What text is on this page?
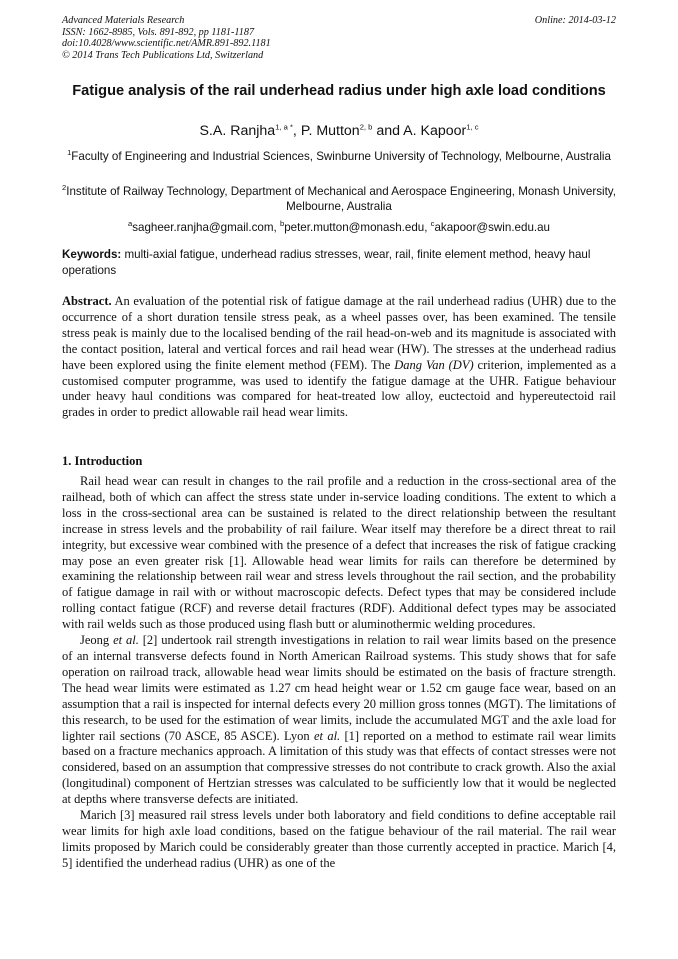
Advanced Materials Research
ISSN: 1662-8985, Vols. 891-892, pp 1181-1187
doi:10.4028/www.scientific.net/AMR.891-892.1181
© 2014 Trans Tech Publications Ltd, Switzerland
Online: 2014-03-12
Fatigue analysis of the rail underhead radius under high axle load conditions
S.A. Ranjha$^{1, a *}$, P. Mutton$^{2, b}$ and A. Kapoor$^{1, c}$
$^1$Faculty of Engineering and Industrial Sciences, Swinburne University of Technology, Melbourne, Australia
$^2$Institute of Railway Technology, Department of Mechanical and Aerospace Engineering, Monash University, Melbourne, Australia
$^a$sagheer.ranjha@gmail.com, $^b$peter.mutton@monash.edu, $^c$akapoor@swin.edu.au
Keywords: multi-axial fatigue, underhead radius stresses, wear, rail, finite element method, heavy haul operations
Abstract. An evaluation of the potential risk of fatigue damage at the rail underhead radius (UHR) due to the occurrence of a short duration tensile stress peak, as a wheel passes over, has been examined. The tensile stress peak is mainly due to the localised bending of the rail head-on-web and its magnitude is associated with the contact position, lateral and vertical forces and rail head wear (HW). The stresses at the underhead radius have been explored using the finite element method (FEM). The Dang Van (DV) criterion, implemented as a customised computer programme, was used to identify the fatigue damage at the UHR. Fatigue behaviour under heavy haul conditions was compared for heat-treated low alloy, euctectoid and hypereutectoid rail grades in order to predict allowable rail head wear limits.
1. Introduction

Rail head wear can result in changes to the rail profile and a reduction in the cross-sectional area of the railhead, both of which can affect the stress state under in-service loading conditions. The extent to which a loss in the cross-sectional area can be sustained is related to the direct relationship between the resultant increase in stress levels and the probability of rail failure. Wear itself may therefore be a direct threat to rail integrity, but excessive wear combined with the presence of a defect that increases the risk of fatigue cracking may pose an even greater risk [1]. Allowable head wear limits for rails can therefore be determined by examining the relationship between rail wear and stress levels throughout the rail section, and the probability of fatigue damage in rail with or without macroscopic defects. Defect types that may be considered include rolling contact fatigue (RCF) and reverse detail fractures (RDF). Additional defect types may be associated with rail welds such as those produced using flash butt or aluminothermic welding procedures.

Jeong et al. [2] undertook rail strength investigations in relation to rail wear limits based on the presence of an internal transverse defects found in North American Railroad systems. This study shows that for safe operation on railroad track, allowable head wear limits should be estimated on the basis of fracture strength. The head wear limits were estimated as 1.27 cm head height wear or 1.52 cm gauge face wear, based on an assumption that a rail is inspected for internal defects every 20 million gross tonnes (MGT). The limitations of this research, to be used for the estimation of wear limits, include the accumulated MGT and the axle load for lighter rail sections (70 ASCE, 85 ASCE). Lyon et al. [1] reported on a method to estimate rail wear limits based on a fracture mechanics approach. A limitation of this study was that effects of contact stresses were not considered, based on an assumption that compressive stresses do not contribute to crack growth. Also the axial (longitudinal) component of Hertzian stresses was calculated to be sufficiently low that it would be neglected at depths where transverse defects are initiated.

Marich [3] measured rail stress levels under both laboratory and field conditions to define acceptable rail wear limits for high axle load conditions, based on the fatigue behaviour of the rail material. The rail wear limits proposed by Marich could be considerably greater than those currently accepted in practice. Marich [4, 5] identified the underhead radius (UHR) as one of the
